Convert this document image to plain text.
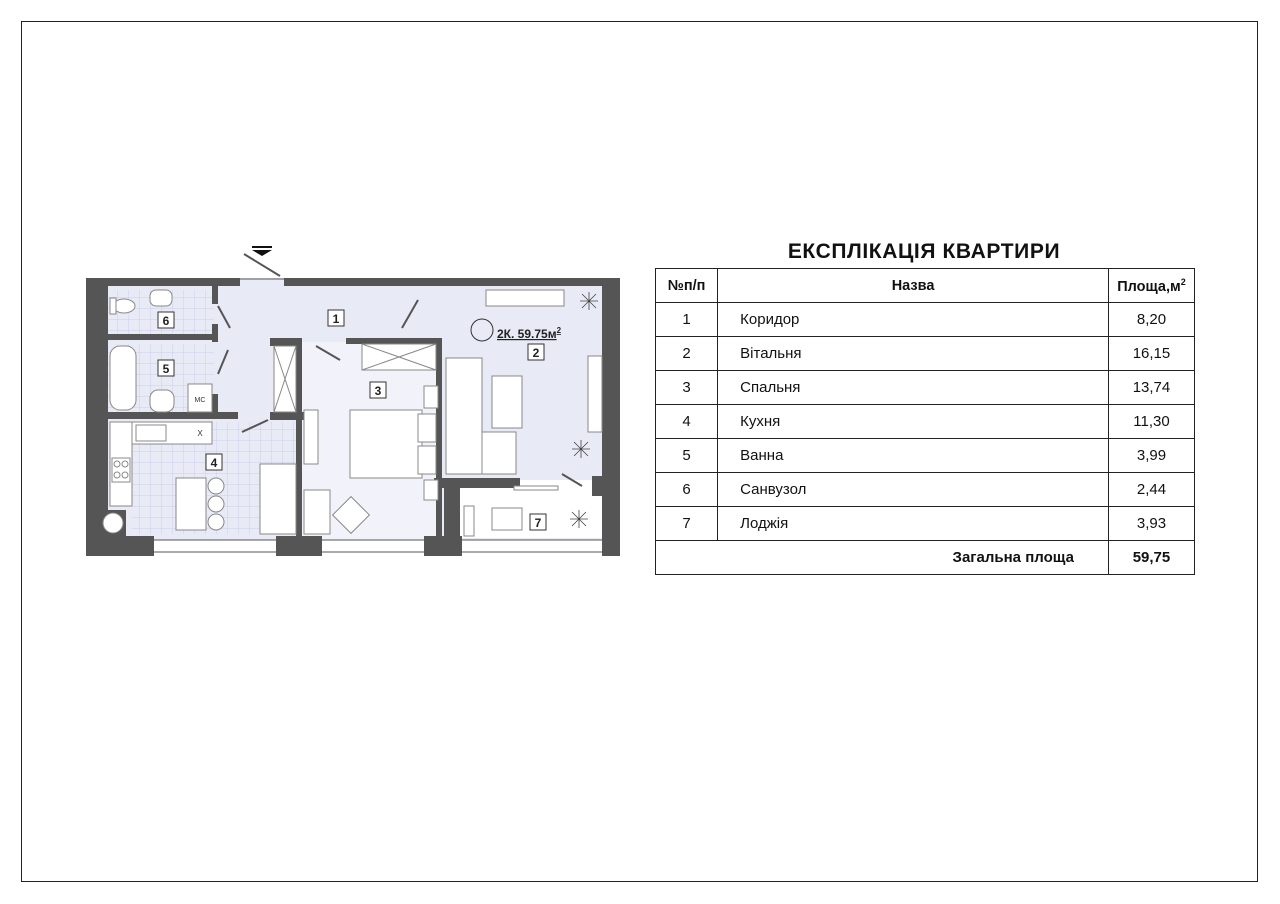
МС
Х
2К. $59.75м^2$
1
2
3
4
5
6
7
ЕКСПЛІКАЦІЯ КВАРТИРИ
№п/п	Назва	$Площа,м^2$
1	Коридор	8,20
2	Вітальня	16,15
3	Спальня	13,74
4	Кухня	11,30
5	Ванна	3,99
6	Санвузол	2,44
7	Лоджія	3,93
Загальна площа		59,75
